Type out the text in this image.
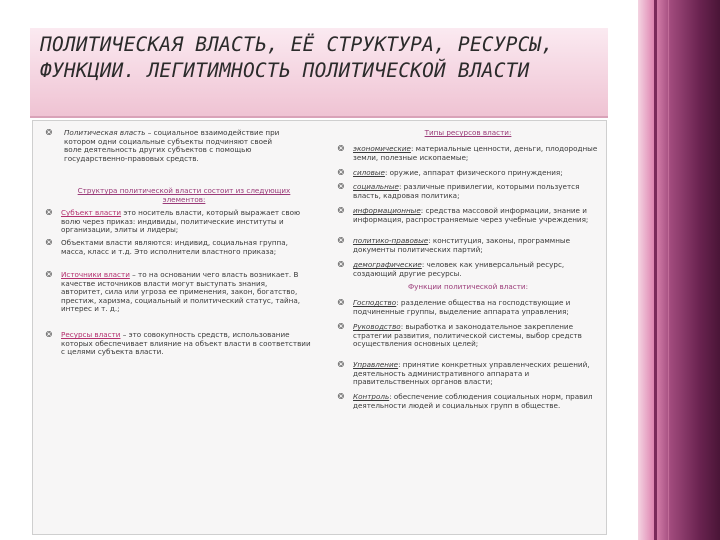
ПОЛИТИЧЕСКАЯ ВЛАСТЬ, ЕЁ СТРУКТУРА, РЕСУРСЫ, ФУНКЦИИ. ЛЕГИТИМНОСТЬ ПОЛИТИЧЕСКОЙ ВЛАСТИ
❂	Политическая власть – социальное взаимодействие при котором одни социальные субъекты подчиняют своей воле деятельность других субъектов с помощью государственно-правовых средств.
Структура политической власти состоит из следующих элементов:
❂	Субъект власти это носитель власти, который выражает свою волю через приказ: индивиды, политические институты и организации, элиты и лидеры;
❂	Объектами власти являются: индивид, социальная группа, масса, класс и т.д. Это исполнители властного приказа;
❂	Источники власти – то на основании чего власть возникает. В качестве источников власти могут выступать знания, авторитет, сила или угроза ее применения, закон, богатство, престиж, харизма, социальный и политический статус, тайна, интерес и т. д.;
❂	Ресурсы власти – это совокупность средств, использование которых обеспечивает влияние на объект власти в соответствии с целями субъекта власти.
Типы ресурсов власти:
❂	экономические: материальные ценности, деньги, плодородные земли, полезные ископаемые;
❂	силовые: оружие, аппарат физического принуждения;
❂	социальные: различные привилегии, которыми пользуется власть, кадровая политика;
❂	информационные: средства массовой информации, знание и информация, распространяемые через учебные учреждения;
❂	политико-правовые: конституция, законы, программные документы политических партий;
❂	демографические: человек как универсальный ресурс, создающий другие ресурсы.
Функции политической власти:
❂	Господство: разделение общества на господствующие и подчиненные группы, выделение аппарата управления;
❂	Руководство: выработка и законодательное закрепление стратегии развития, политической системы, выбор средств осуществления основных целей;
❂	Управление: принятие конкретных управленческих решений, деятельность административного аппарата и правительственных органов власти;
❂	Контроль: обеспечение соблюдения социальных норм, правил деятельности людей и социальных групп в обществе.
